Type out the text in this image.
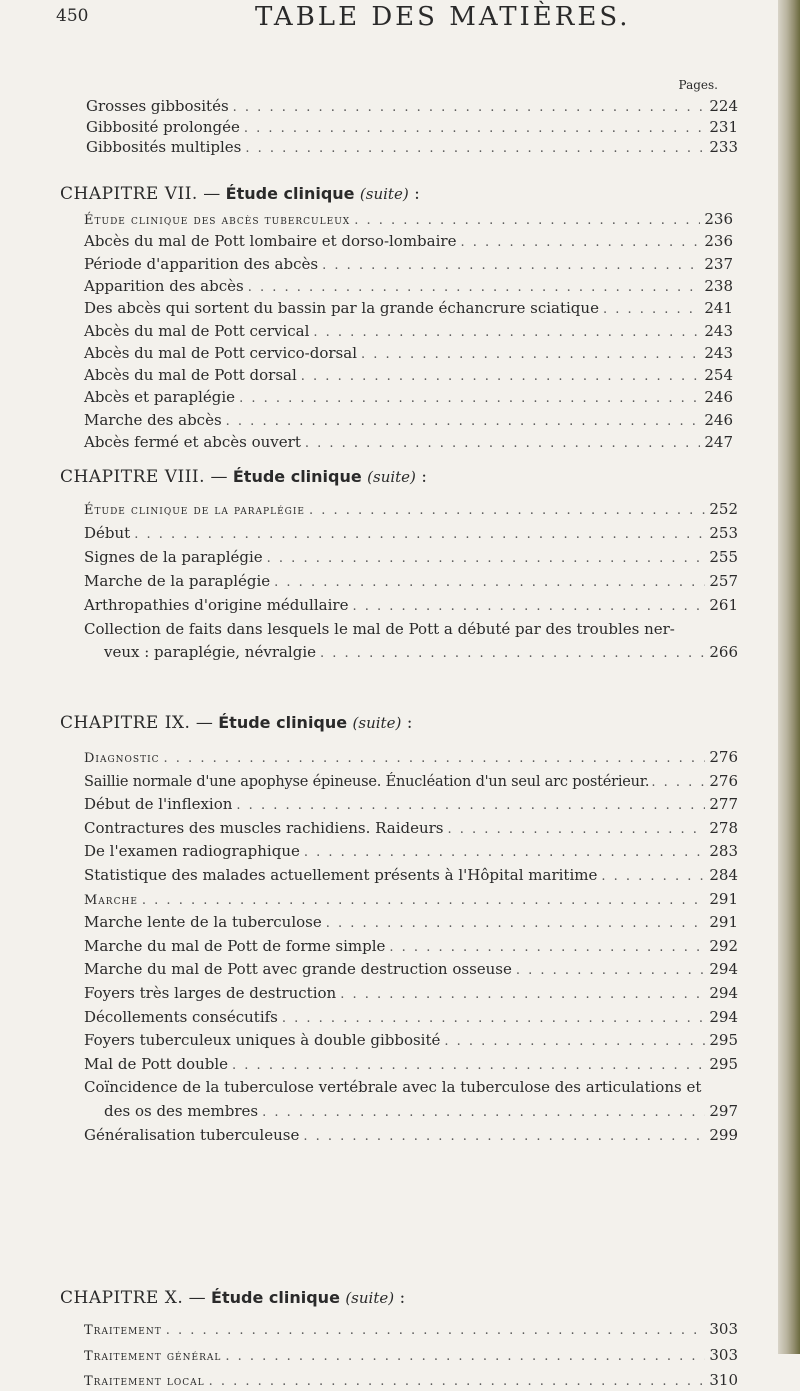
450	TABLE DES MATIÈRES.
Pages.
Grosses gibbosités . . .	224
Gibbosité prolongée . . .	231
Gibbosités multiples . . .	233
CHAPITRE VII. — Étude clinique (suite) :
Étude clinique des abcès tuberculeux . . .	236
Abcès du mal de Pott lombaire et dorso-lombaire . . .	236
Période d'apparition des abcès . . .	237
Apparition des abcès . . .	238
Des abcès qui sortent du bassin par la grande échancrure sciatique . . .	241
Abcès du mal de Pott cervical . . .	243
Abcès du mal de Pott cervico-dorsal . . .	243
Abcès du mal de Pott dorsal . . .	254
Abcès et paraplégie . . .	246
Marche des abcès . . .	246
Abcès fermé et abcès ouvert . . .	247
CHAPITRE VIII. — Étude clinique (suite) :
Étude clinique de la paraplégie . . .	252
Début . . .	253
Signes de la paraplégie . . .	255
Marche de la paraplégie . . .	257
Arthropathies d'origine médullaire . . .	261
Collection de faits dans lesquels le mal de Pott a débuté par des troubles ner-
veux : paraplégie, névralgie . . .	266
CHAPITRE IX. — Étude clinique (suite) :
Diagnostic . . .	276
Saillie normale d'une apophyse épineuse. Énucléation d'un seul arc postérieur. . . .	276
Début de l'inflexion . . .	277
Contractures des muscles rachidiens. Raideurs . . .	278
De l'examen radiographique . . .	283
Statistique des malades actuellement présents à l'Hôpital maritime . . .	284
Marche . . .	291
Marche lente de la tuberculose . . .	291
Marche du mal de Pott de forme simple . . .	292
Marche du mal de Pott avec grande destruction osseuse . . .	294
Foyers très larges de destruction . . .	294
Décollements consécutifs . . .	294
Foyers tuberculeux uniques à double gibbosité . . .	295
Mal de Pott double . . .	295
Coïncidence de la tuberculose vertébrale avec la tuberculose des articulations et
des os des membres . . .	297
Généralisation tuberculeuse . . .	299
CHAPITRE X. — Étude clinique (suite) :
Traitement . . .	303
Traitement général . . .	303
Traitement local . . .	310
